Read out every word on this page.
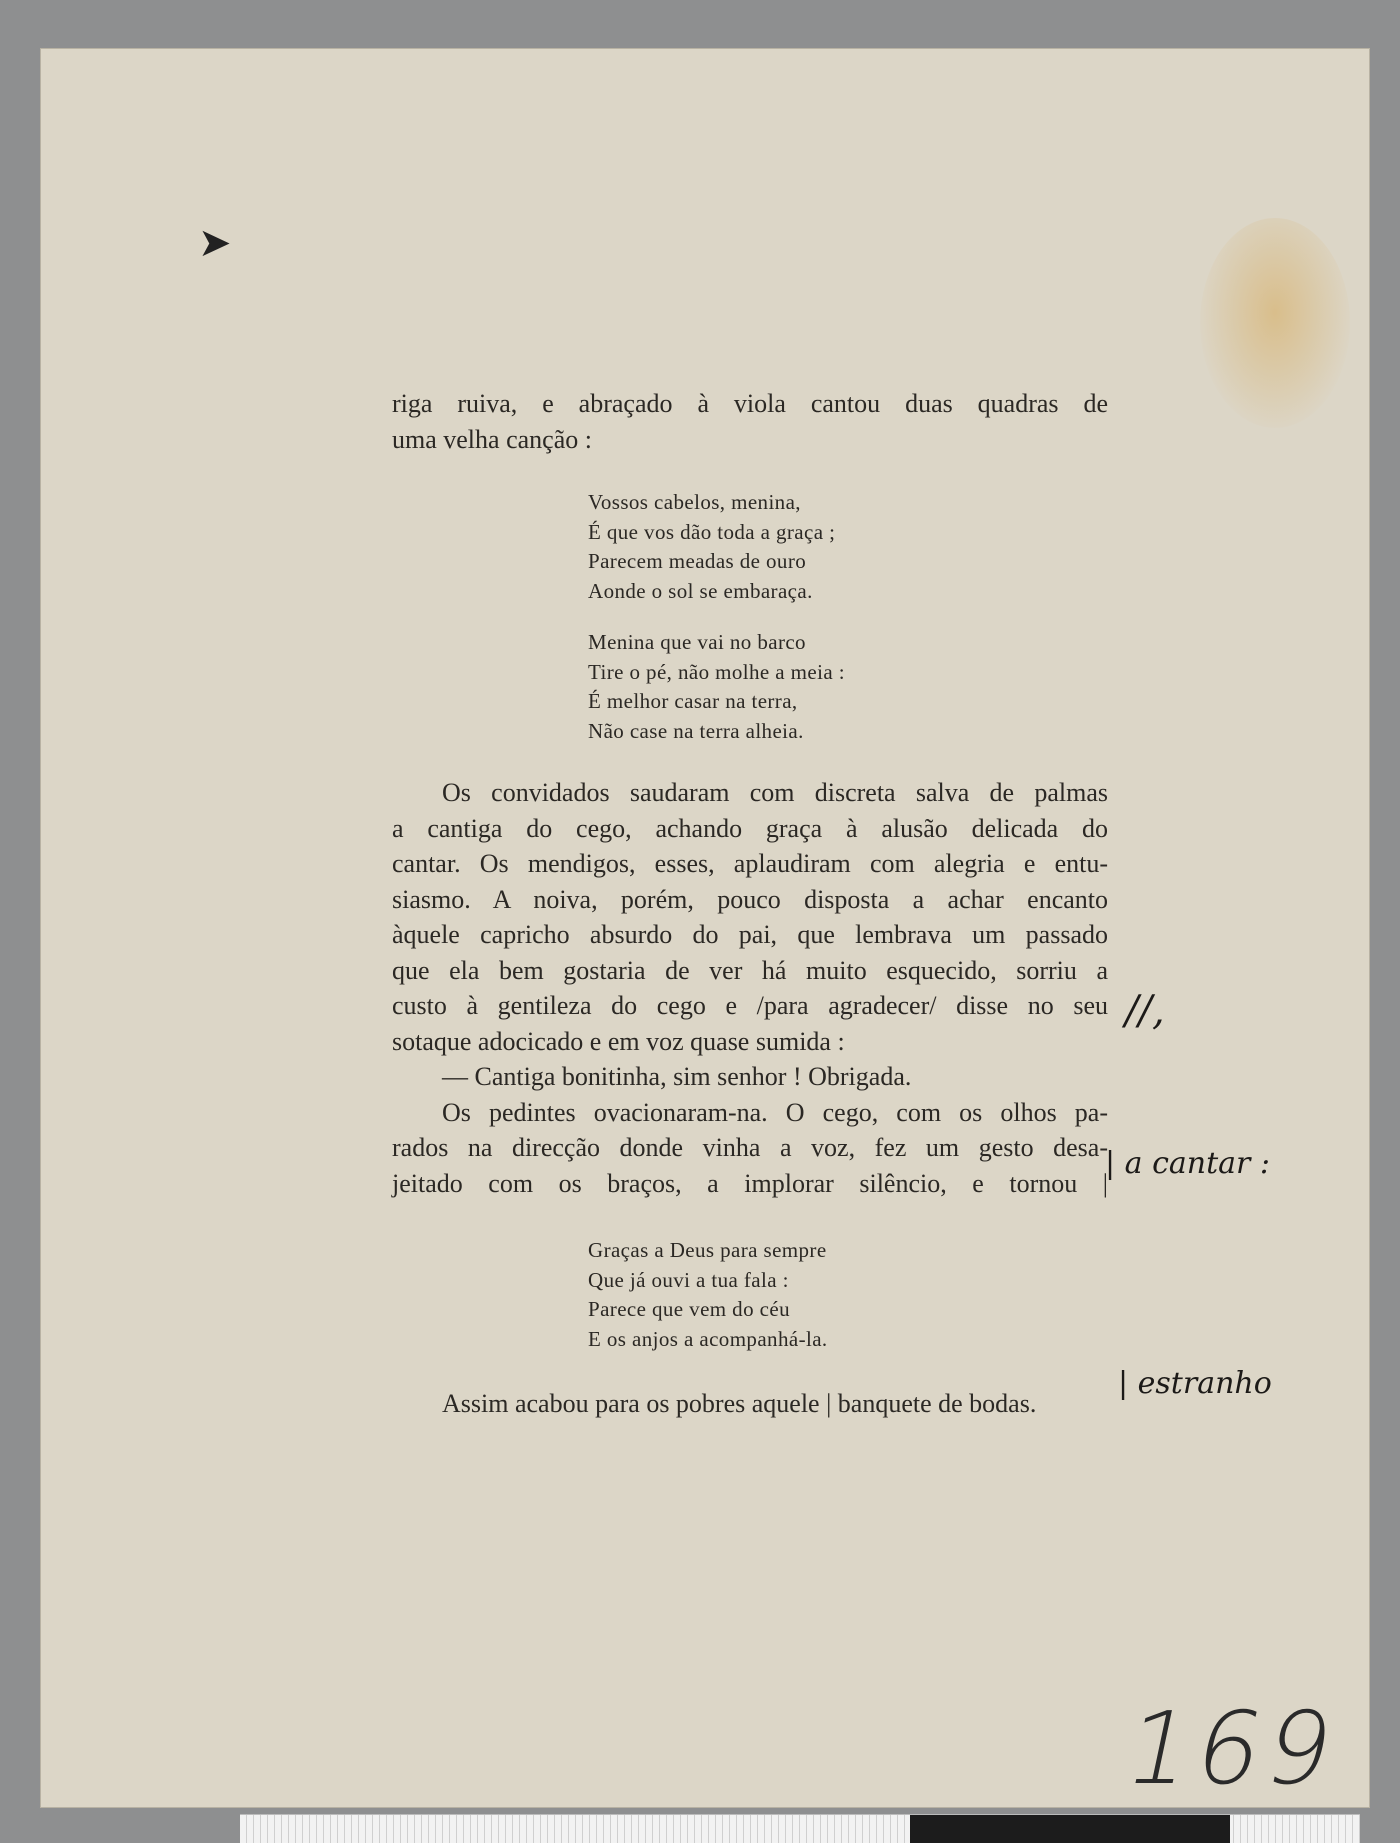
➤
riga ruiva, e abraçado à viola cantou duas quadras de
uma velha canção :
Vossos cabelos, menina,
É que vos dão toda a graça ;
Parecem meadas de ouro
Aonde o sol se embaraça.
Menina que vai no barco
Tire o pé, não molhe a meia :
É melhor casar na terra,
Não case na terra alheia.
Os convidados saudaram com discreta salva de palmas
a cantiga do cego, achando graça à alusão delicada do
cantar. Os mendigos, esses, aplaudiram com alegria e entu-
siasmo. A noiva, porém, pouco disposta a achar encanto
àquele capricho absurdo do pai, que lembrava um passado
que ela bem gostaria de ver há muito esquecido, sorriu a
custo à gentileza do cego e /para agradecer/ disse no seu
sotaque adocicado e em voz quase sumida :
— Cantiga bonitinha, sim senhor ! Obrigada.
Os pedintes ovacionaram-na. O cego, com os olhos pa-
rados na direcção donde vinha a voz, fez um gesto desa-
jeitado com os braços, a implorar silêncio, e tornou |
Graças a Deus para sempre
Que já ouvi a tua fala :
Parece que vem do céu
E os anjos a acompanhá-la.
Assim acabou para os pobres aquele | banquete de bodas.
//,
| a cantar :
| estranho
169
